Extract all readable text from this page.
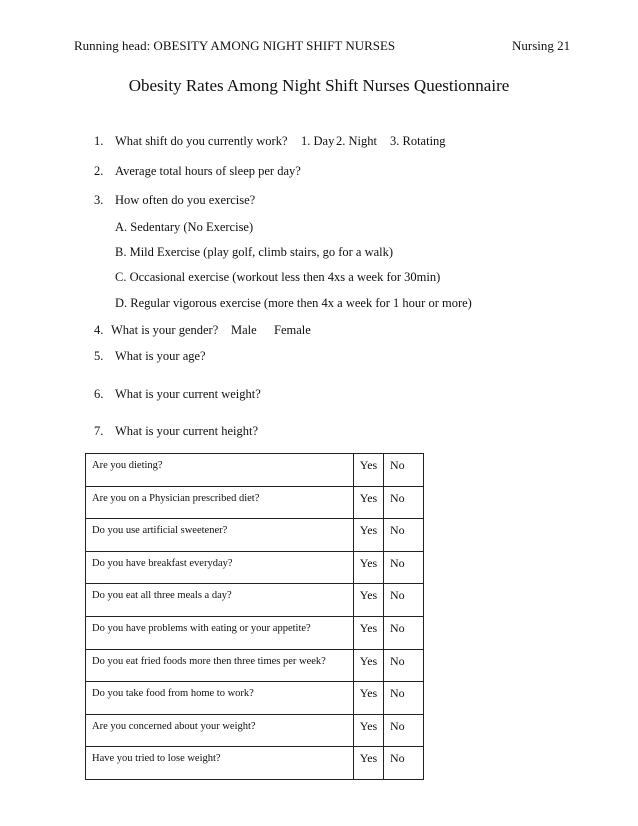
Running head: OBESITY AMONG NIGHT SHIFT NURSES	Nursing 21
Obesity Rates Among Night Shift Nurses Questionnaire
1. What shift do you currently work? 1. Day 2. Night 3. Rotating
2. Average total hours of sleep per day?
3. How often do you exercise?
A. Sedentary (No Exercise)
B. Mild Exercise (play golf, climb stairs, go for a walk)
C. Occasional exercise (workout less then 4xs a week for 30min)
D. Regular vigorous exercise (more then 4x a week for 1 hour or more)
4. What is your gender? Male Female
5. What is your age?
6. What is your current weight?
7. What is your current height?
Are you dieting?	Yes	No
Are you on a Physician prescribed diet?	Yes	No
Do you use artificial sweetener?	Yes	No
Do you have breakfast everyday?	Yes	No
Do you eat all three meals a day?	Yes	No
Do you have problems with eating or your appetite?	Yes	No
Do you eat fried foods more then three times per week?	Yes	No
Do you take food from home to work?	Yes	No
Are you concerned about your weight?	Yes	No
Have you tried to lose weight?	Yes	No
